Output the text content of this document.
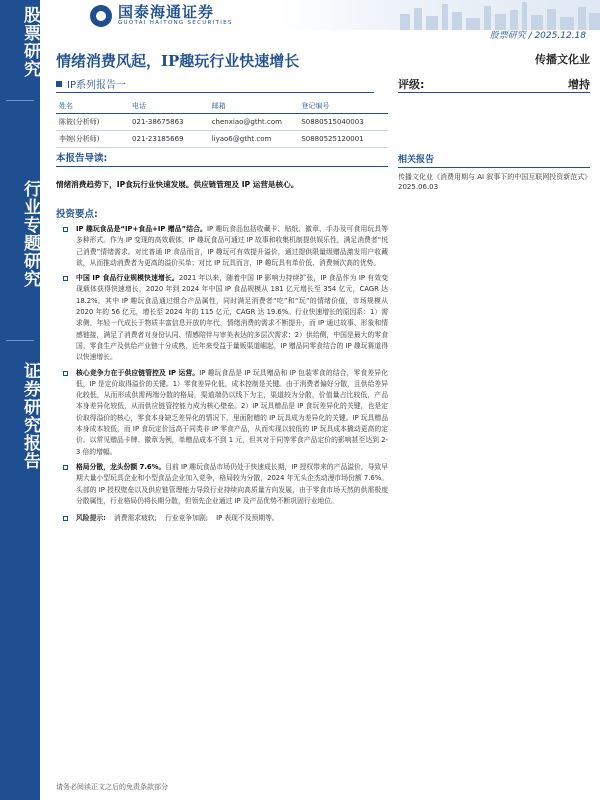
股票研究
行业专题研究
证券研究报告
国泰海通证券
GUOTAI HAITONG SECURITIES
股票研究 / 2025.12.18
情绪消费风起，IP趣玩行业快速增长	传播文化业
IP系列报告一	评级:	增持
姓名	电话	邮箱	登记编号
陈筱(分析师)	021-38675863	chenxiao@gtht.com	S0880515040003
李婉(分析师)	021-23185669	liyao6@gtht.com	S0880525120001
相关报告
传播文化业《消费用期与 AI 叙事下的中国互联网投资新范式》2025.06.03
本报告导读:
情绪消费趋势下，IP食玩行业快速发展。供应链管理及 IP 运营是核心。
投资要点:
IP 趣玩食品是“IP+食品+IP 赠品”结合。IP 趣玩食品包括收藏卡、贴纸、徽章、手办及可食用玩具等多种形式。作为 IP 变现的高效载体，IP 趣玩食品可通过 IP 故事和收集机制提供娱乐性，满足消费者“悦己消费”情绪需求。对比普通 IP 食品而言，IP 趣玩可有效提升溢价，通过提供限量级赠品激发用户收藏欲，从而推动消费者为更高的溢价买单；对比 IP 玩具而言，IP 趣玩具有单价低、消费频次高的优势。
中国 IP 食品行业规模快速增长。2021 年以来，随着中国 IP 影响力持续扩张，IP 食品作为 IP 有效变现载体获得快速增长，2020 年到 2024 年中国 IP 食品规模从 181 亿元增长至 354 亿元，CAGR 达 18.2%。其中 IP 趣玩食品通过组合产品属性，同时满足消费者“吃”和“玩”的情绪价值，市场规模从 2020 年的 56 亿元，增长至 2024 年的 115 亿元，CAGR 达 19.6%。行业快速增长的原因系：1）需求侧，年轻一代成长于物质丰富信息开放的年代，情绪消费的需求不断提升，而 IP 通过故事、形象和情感链接，满足了消费者对身份认同、情感陪伴与审美表达的多层次需求；2）供给侧，中国是最大的零食国，零食生产及供给产业链十分成熟，近年来受益于量贩渠道崛起，IP 赠品同零食结合的 IP 趣玩赛道得以快速增长。
核心竞争力在于供应链管控及 IP 运营。IP 趣玩食品是 IP 玩具赠品和 IP 包装零食的结合，零食差异化低，IP 是定价取得溢价的关键。1）零食差异化低，成本控制是关键。由于消费者偏好分散，且供给差异化较低，从而形成供需两端分散的格局，渠道端仍以线下为主，渠道较为分散，价值量占比较低，产品本身差异化较低，从而供应链管控能力成为核心壁垒。2）IP 玩具赠品是 IP 食玩差异化的关键，也是定价取得溢价的核心，零食本身缺乏差异化的情况下，里面附赠的 IP 玩具成为差异化的关键。IP 玩具赠品本身成本较低，而 IP 食玩定价远高于同类非 IP 零食产品，从而实现以较低的 IP 玩具成本撬动更高的定价。以常见赠品卡牌、徽章为例，单赠品成本不到 1 元，但其对于同等零食产品定价的影响甚至达到 2-3 倍的增幅。
格局分散，龙头份额 7.6%。目前 IP 趣玩食品市场仍处于快速成长期，IP 授权带来的产品溢价，导致早期大量小型玩具企业和小型食品企业加入竞争，格局较为分散，2024 年无头企杰动漫市场份额 7.6%。头部的 IP 授权壁垒以及供应链管理能力导致行业持续向高质量方向发展，由于零食市场天然的供需极度分散属性，行业格局仍将长期分散，但领先企业通过 IP 及产品优势不断巩固行业地位。
风险提示: 消费需求疲软; 行业竞争加剧; IP 表现不及预期等。
请务必阅读正文之后的免责条款部分
